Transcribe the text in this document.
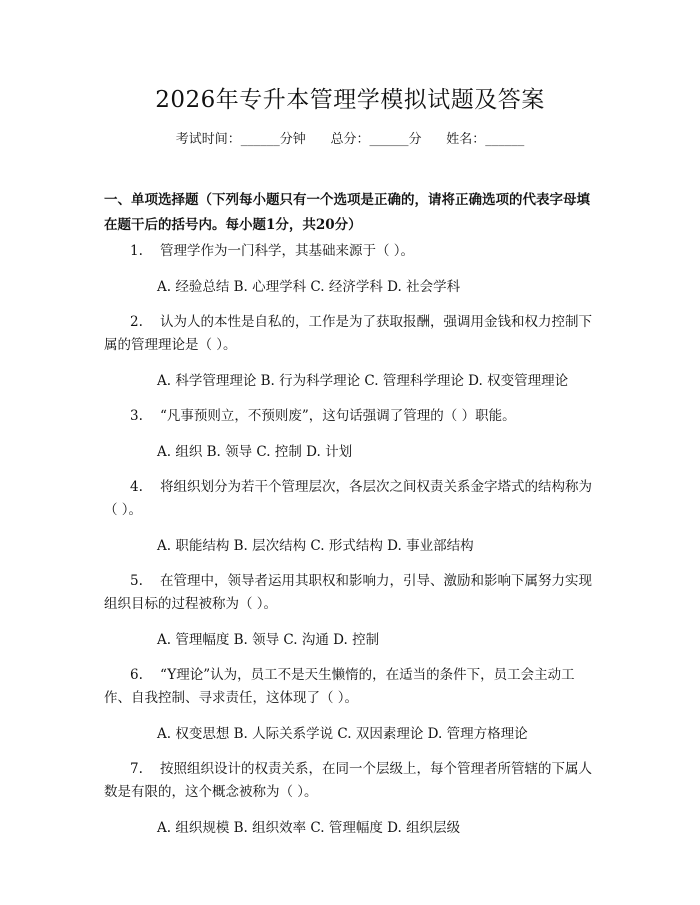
2026年专升本管理学模拟试题及答案
考试时间：______分钟      总分：______分      姓名：______
一、单项选择题（下列每小题只有一个选项是正确的，请将正确选项的代表字母填在题干后的括号内。每小题1分，共20分）
1. 管理学作为一门科学，其基础来源于（ ）。
A. 经验总结 B. 心理学科 C. 经济学科 D. 社会学科
2. 认为人的本性是自私的，工作是为了获取报酬，强调用金钱和权力控制下属的管理理论是（ ）。
A. 科学管理理论 B. 行为科学理论 C. 管理科学理论 D. 权变管理理论
3. “凡事预则立，不预则废”，这句话强调了管理的（ ）职能。
A. 组织 B. 领导 C. 控制 D. 计划
4. 将组织划分为若干个管理层次，各层次之间权责关系金字塔式的结构称为（ ）。
A. 职能结构 B. 层次结构 C. 形式结构 D. 事业部结构
5. 在管理中，领导者运用其职权和影响力，引导、激励和影响下属努力实现组织目标的过程被称为（ ）。
A. 管理幅度 B. 领导 C. 沟通 D. 控制
6. “Y理论”认为，员工不是天生懒惰的，在适当的条件下，员工会主动工作、自我控制、寻求责任，这体现了（ ）。
A. 权变思想 B. 人际关系学说 C. 双因素理论 D. 管理方格理论
7. 按照组织设计的权责关系，在同一个层级上，每个管理者所管辖的下属人数是有限的，这个概念被称为（ ）。
A. 组织规模 B. 组织效率 C. 管理幅度 D. 组织层级
